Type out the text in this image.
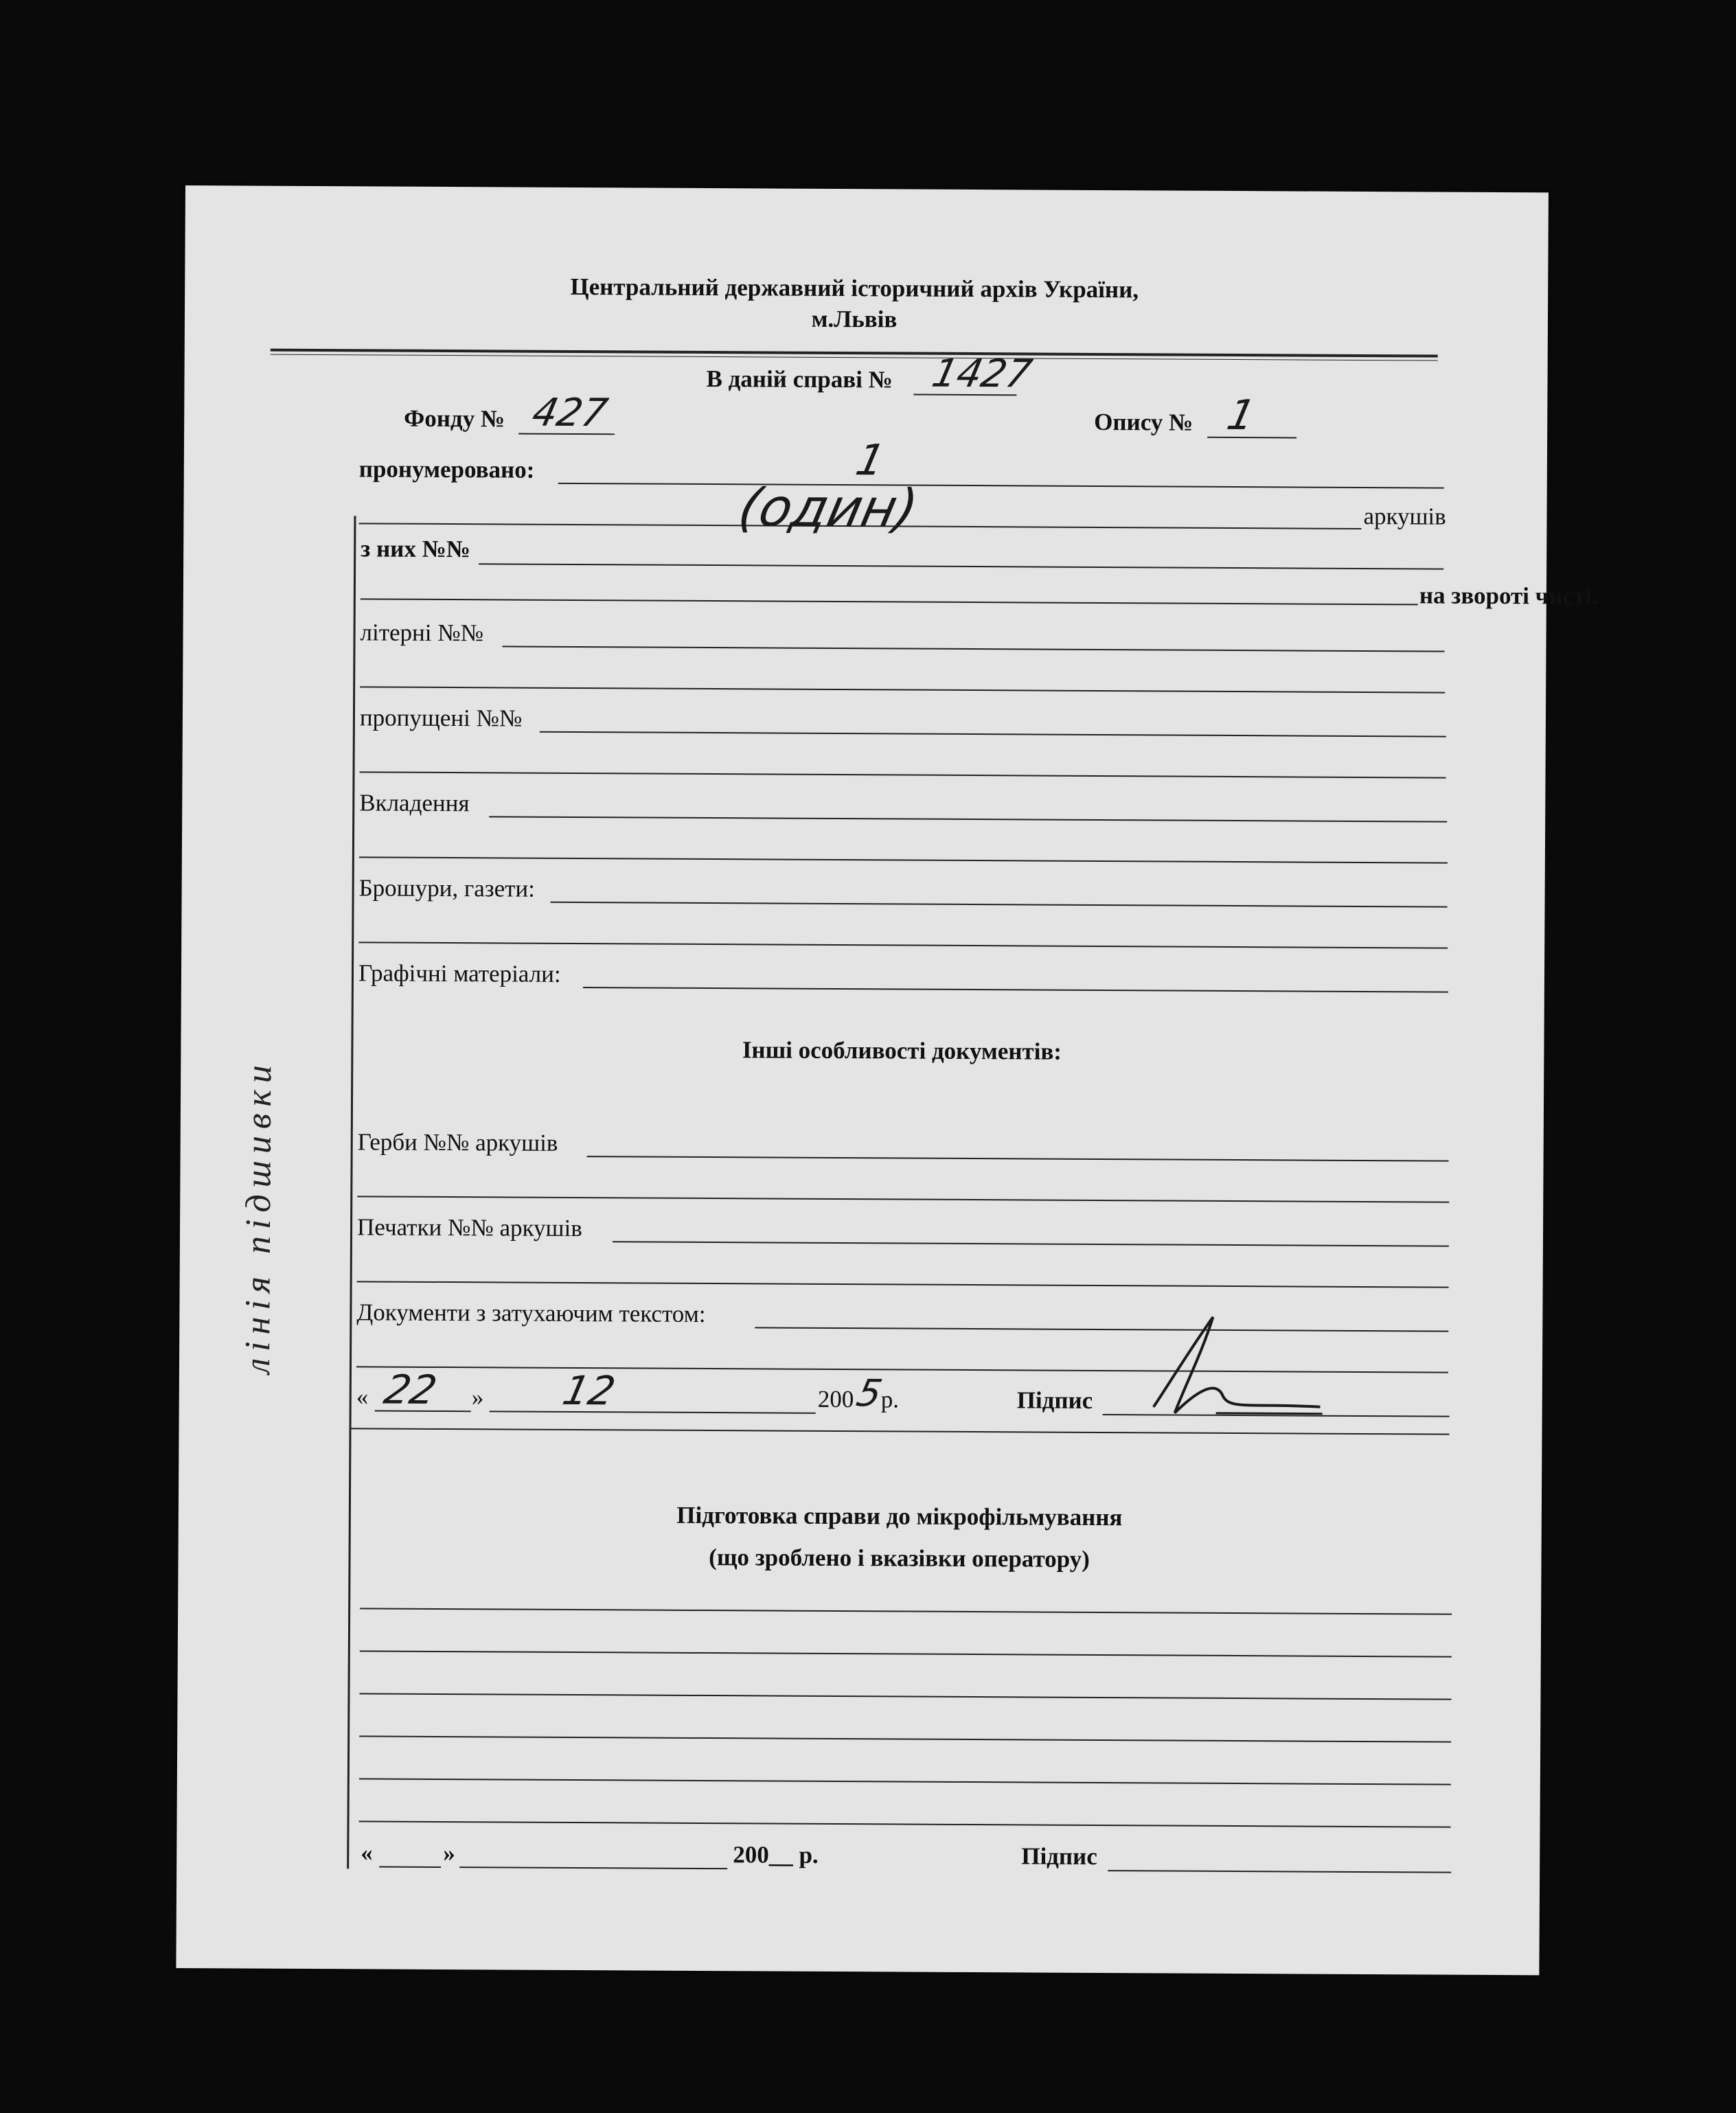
Центральний державний історичний архів України,
м.Львів
В даній справі № 1427
Фонду № 427	Опису № 1
пронумеровано:	1
(один)	аркушів
з них №№
на звороті чисті.
літерні №№
пропущені №№
Вкладення
Брошури, газети:
Графічні матеріали:
Інші особливості документів:
Герби №№ аркушів
Печатки №№ аркушів
Документи з затухаючим текстом:
« 22 » 12	200
5
р.	Підпис
Підготовка справи до мікрофільмування
(що зроблено і вказівки оператору)
«	»	200__ р.	Підпис
лінія підшивки
